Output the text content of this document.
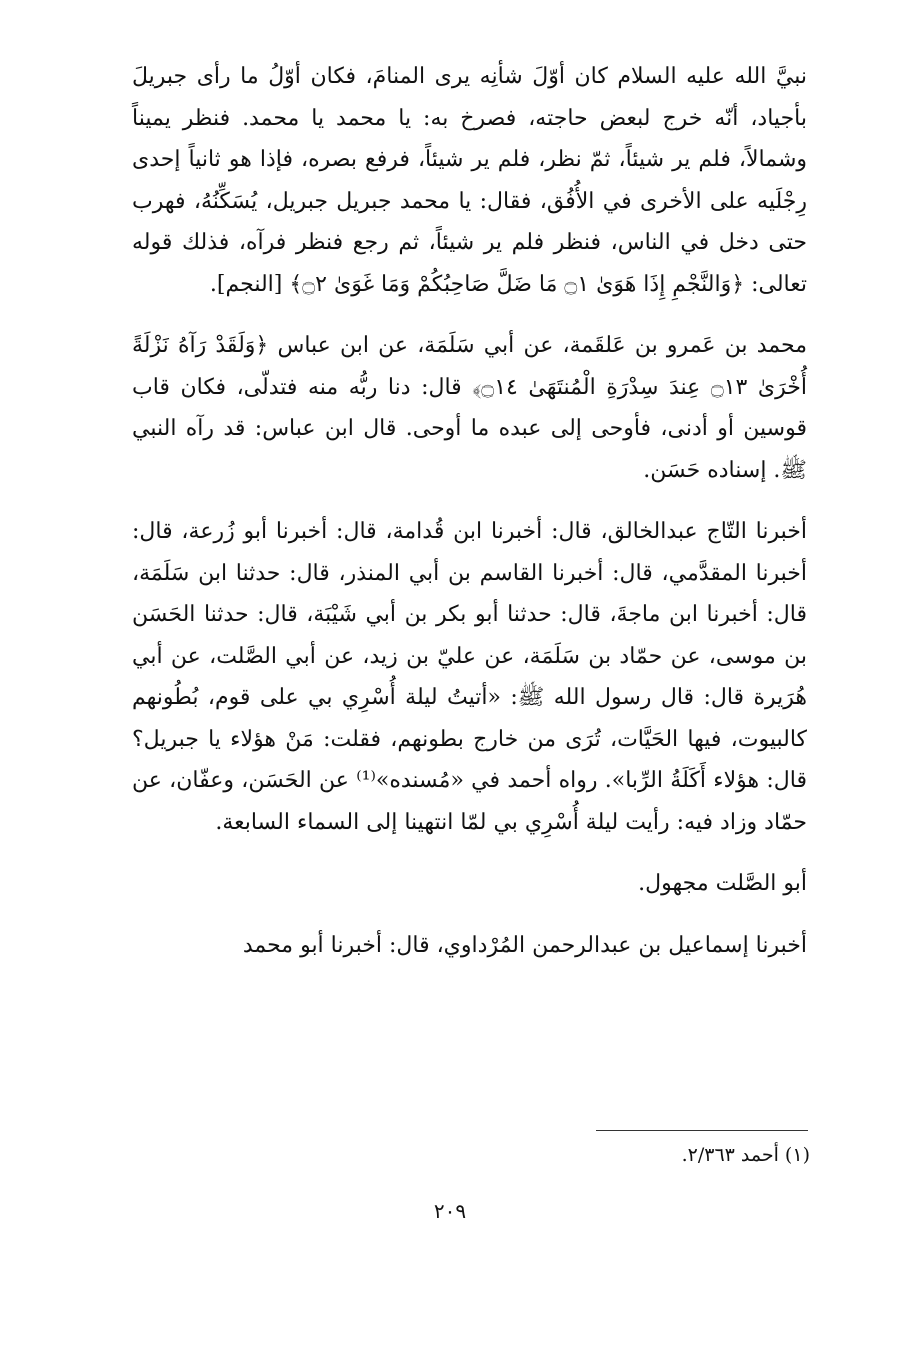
نبيَّ الله عليه السلام كان أوّلَ شأنِه يرى المنامَ، فكان أوّلُ ما رأى جبريلَ بأجياد، أنّه خرج لبعض حاجته، فصرخ به: يا محمد يا محمد. فنظر يميناً وشمالاً، فلم ير شيئاً، ثمّ نظر، فلم ير شيئاً، فرفع بصره، فإذا هو ثانياً إحدى رِجْلَيه على الأخرى في الأُفُق، فقال: يا محمد جبريل جبريل، يُسَكِّنُهُ، فهرب حتى دخل في الناس، فنظر فلم ير شيئاً، ثم رجع فنظر فرآه، فذلك قوله تعالى: ﴿وَالنَّجْمِ إِذَا هَوَىٰ ۝١ مَا ضَلَّ صَاحِبُكُمْ وَمَا غَوَىٰ ۝٢﴾ [النجم].

محمد بن عَمرو بن عَلقَمة، عن أبي سَلَمَة، عن ابن عباس ﴿وَلَقَدْ رَآهُ نَزْلَةً أُخْرَىٰ ۝١٣ عِندَ سِدْرَةِ الْمُنتَهَىٰ ۝١٤﴾ قال: دنا ربُّه منه فتدلّى، فكان قاب قوسين أو أدنى، فأوحى إلى عبده ما أوحى. قال ابن عباس: قد رآه النبي ﷺ. إسناده حَسَن.

أخبرنا التّاج عبدالخالق، قال: أخبرنا ابن قُدامة، قال: أخبرنا أبو زُرعة، قال: أخبرنا المقدَّمي، قال: أخبرنا القاسم بن أبي المنذر، قال: حدثنا ابن سَلَمَة، قال: أخبرنا ابن ماجةَ، قال: حدثنا أبو بكر بن أبي شَيْبَة، قال: حدثنا الحَسَن بن موسى، عن حمّاد بن سَلَمَة، عن عليّ بن زيد، عن أبي الصَّلت، عن أبي هُرَيرة قال: قال رسول الله ﷺ: «أتيتُ ليلة أُسْرِي بي على قوم، بُطُونهم كالبيوت، فيها الحَيَّات، تُرَى من خارج بطونهم، فقلت: مَنْ هؤلاء يا جبريل؟ قال: هؤلاء أَكَلَةُ الرِّبا». رواه أحمد في «مُسنده»⁽¹⁾ عن الحَسَن، وعفّان، عن حمّاد وزاد فيه: رأيت ليلة أُسْرِي بي لمّا انتهينا إلى السماء السابعة.

أبو الصَّلت مجهول.

أخبرنا إسماعيل بن عبدالرحمن المُرْداوي، قال: أخبرنا أبو محمد

(١) أحمد ٢/٣٦٣.

٢٠٩
